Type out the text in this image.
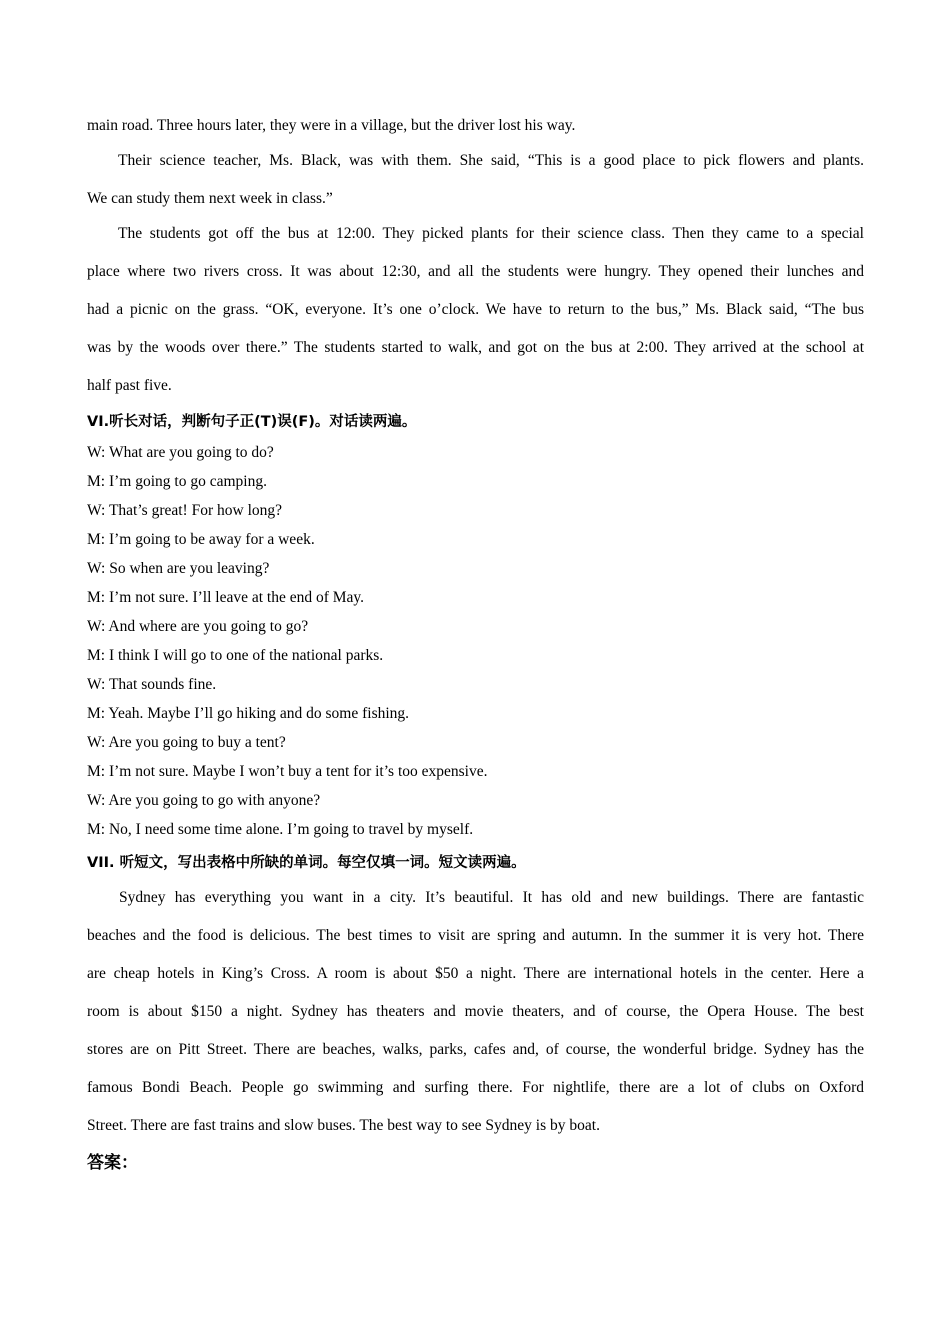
main road. Three hours later, they were in a village, but the driver lost his way.
Their science teacher, Ms. Black, was with them. She said, “This is a good place to pick flowers and plants.
We can study them next week in class.”
The students got off the bus at 12:00. They picked plants for their science class. Then they came to a special
place where two rivers cross. It was about 12:30, and all the students were hungry. They opened their lunches and
had a picnic on the grass. “OK, everyone. It’s one o’clock. We have to return to the bus,” Ms. Black said, “The bus
was by the woods over there.” The students started to walk, and got on the bus at 2:00. They arrived at the school at
half past five.
VI.听长对话，判断句子正(T)误(F)。对话读两遍。
W: What are you going to do?
M: I’m going to go camping.
W: That’s great! For how long?
M: I’m going to be away for a week.
W: So when are you leaving?
M: I’m not sure. I’ll leave at the end of May.
W: And where are you going to go?
M: I think I will go to one of the national parks.
W: That sounds fine.
M: Yeah. Maybe I’ll go hiking and do some fishing.
W: Are you going to buy a tent?
M: I’m not sure. Maybe I won’t buy a tent for it’s too expensive.
W: Are you going to go with anyone?
M: No, I need some time alone. I’m going to travel by myself.
VII. 听短文，写出表格中所缺的单词。每空仅填一词。短文读两遍。
Sydney has everything you want in a city. It’s beautiful. It has old and new buildings. There are fantastic
beaches and the food is delicious. The best times to visit are spring and autumn. In the summer it is very hot. There
are cheap hotels in King’s Cross. A room is about $50 a night. There are international hotels in the center. Here a
room is about $150 a night. Sydney has theaters and movie theaters, and of course, the Opera House. The best
stores are on Pitt Street. There are beaches, walks, parks, cafes and, of course, the wonderful bridge. Sydney has the
famous Bondi Beach. People go swimming and surfing there. For nightlife, there are a lot of clubs on Oxford
Street. There are fast trains and slow buses. The best way to see Sydney is by boat.
答案：
